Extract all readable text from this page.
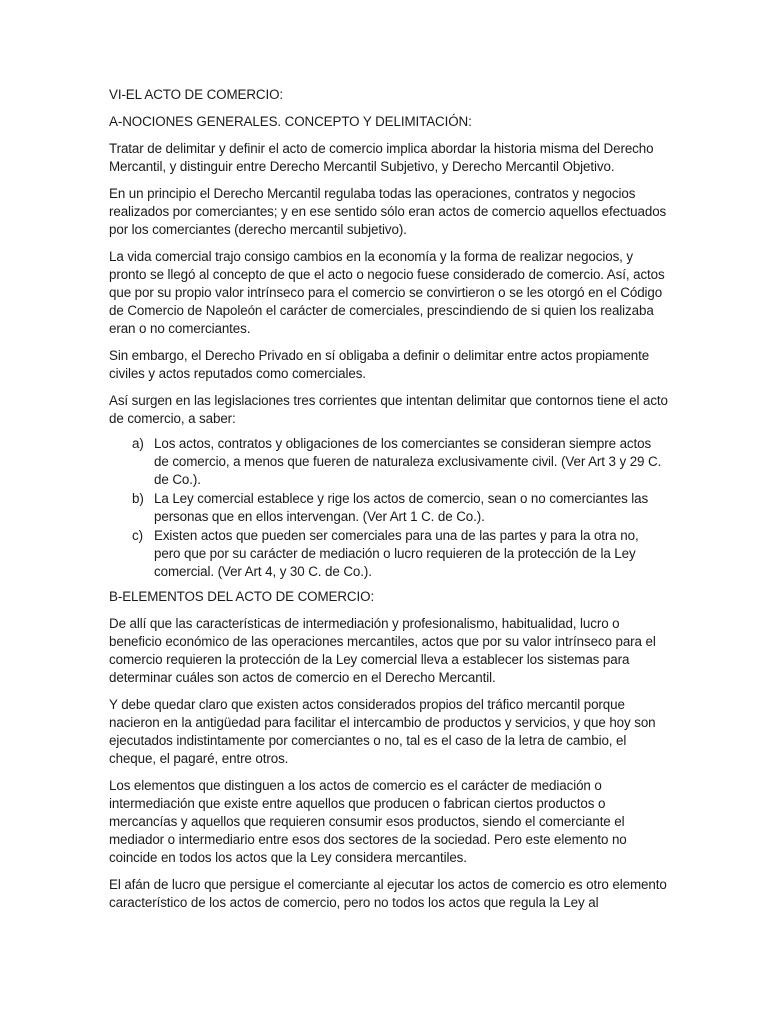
VI-EL ACTO DE COMERCIO:

A-NOCIONES GENERALES. CONCEPTO Y DELIMITACIÓN:

Tratar de delimitar y definir el acto de comercio implica abordar la historia misma del Derecho Mercantil, y distinguir entre Derecho Mercantil Subjetivo, y Derecho Mercantil Objetivo.

En un principio el Derecho Mercantil regulaba todas las operaciones, contratos y negocios realizados por comerciantes; y en ese sentido sólo eran actos de comercio aquellos efectuados por los comerciantes (derecho mercantil subjetivo).

La vida comercial trajo consigo cambios en la economía y la forma de realizar negocios, y pronto se llegó al concepto de que el acto o negocio fuese considerado de comercio. Así, actos que por su propio valor intrínseco para el comercio se convirtieron o se les otorgó en el Código de Comercio de Napoleón el carácter de comerciales, prescindiendo de si quien los realizaba eran o no comerciantes.

Sin embargo, el Derecho Privado en sí obligaba a definir o delimitar entre actos propiamente civiles y actos reputados como comerciales.

Así surgen en las legislaciones tres corrientes que intentan delimitar que contornos tiene el acto de comercio, a saber:

a) Los actos, contratos y obligaciones de los comerciantes se consideran siempre actos de comercio, a menos que fueren de naturaleza exclusivamente civil. (Ver Art 3 y 29 C. de Co.).
b) La Ley comercial establece y rige los actos de comercio, sean o no comerciantes las personas que en ellos intervengan. (Ver Art 1 C. de Co.).
c) Existen actos que pueden ser comerciales para una de las partes y para la otra no, pero que por su carácter de mediación o lucro requieren de la protección de la Ley comercial. (Ver Art 4, y 30 C. de Co.).

B-ELEMENTOS DEL ACTO DE COMERCIO:

De allí que las características de intermediación y profesionalismo, habitualidad, lucro o beneficio económico de las operaciones mercantiles, actos que por su valor intrínseco para el comercio requieren la protección de la Ley comercial lleva a establecer los sistemas para determinar cuáles son actos de comercio en el Derecho Mercantil.

Y debe quedar claro que existen actos considerados propios del tráfico mercantil porque nacieron en la antigüedad para facilitar el intercambio de productos y servicios, y que hoy son ejecutados indistintamente por comerciantes o no, tal es el caso de la letra de cambio, el cheque, el pagaré, entre otros.

Los elementos que distinguen a los actos de comercio es el carácter de mediación o intermediación que existe entre aquellos que producen o fabrican ciertos productos o mercancías y aquellos que requieren consumir esos productos, siendo el comerciante el mediador o intermediario entre esos dos sectores de la sociedad. Pero este elemento no coincide en todos los actos que la Ley considera mercantiles.

El afán de lucro que persigue el comerciante al ejecutar los actos de comercio es otro elemento característico de los actos de comercio, pero no todos los actos que regula la Ley al
